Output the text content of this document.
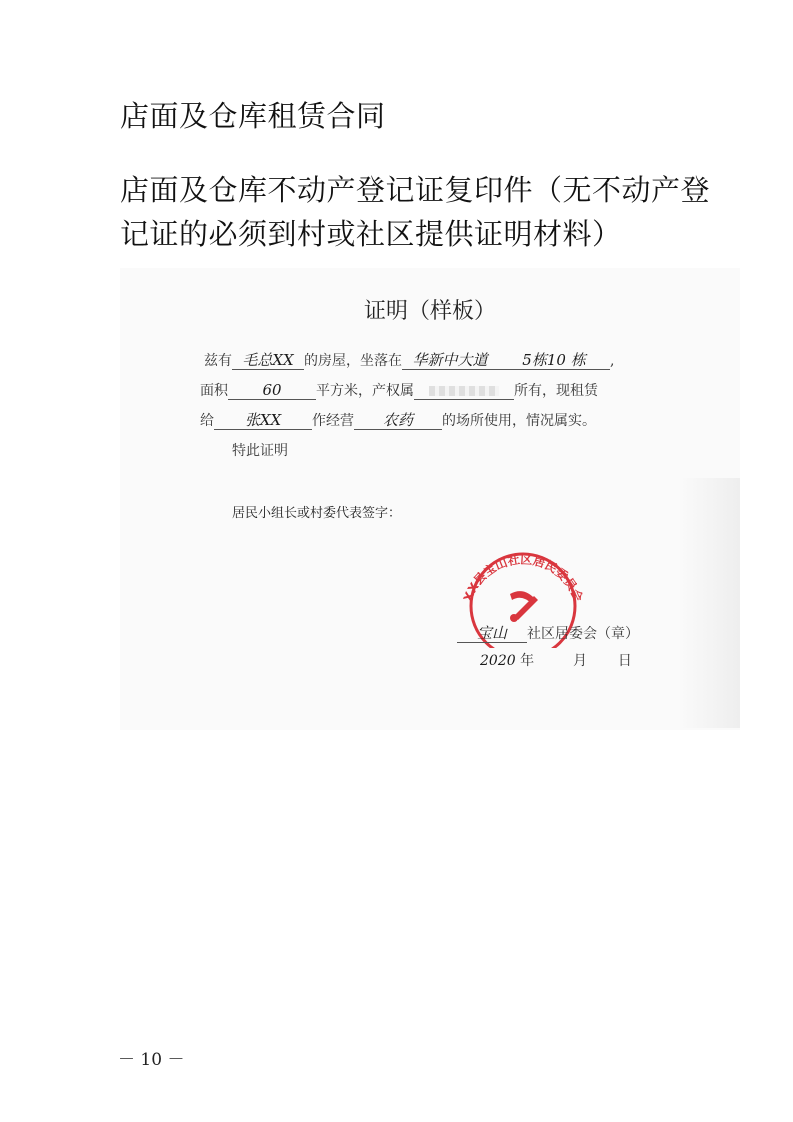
店面及仓库租赁合同
店面及仓库不动产登记证复印件（无不动产登记证的必须到村或社区提供证明材料）
证明（样板）
兹有 毛总XX 的房屋，坐落在 华新中大道 5栋10 栋 ,
面积 60 平方米，产权属	所有，现租赁
给 张XX 作经营 农药 的场所使用，情况属实。
特此证明
居民小组长或村委代表签字：
XX县宝山社区居民委员会
宝山 社区居委会（章）
2020 年	月 日
－ 10 －
